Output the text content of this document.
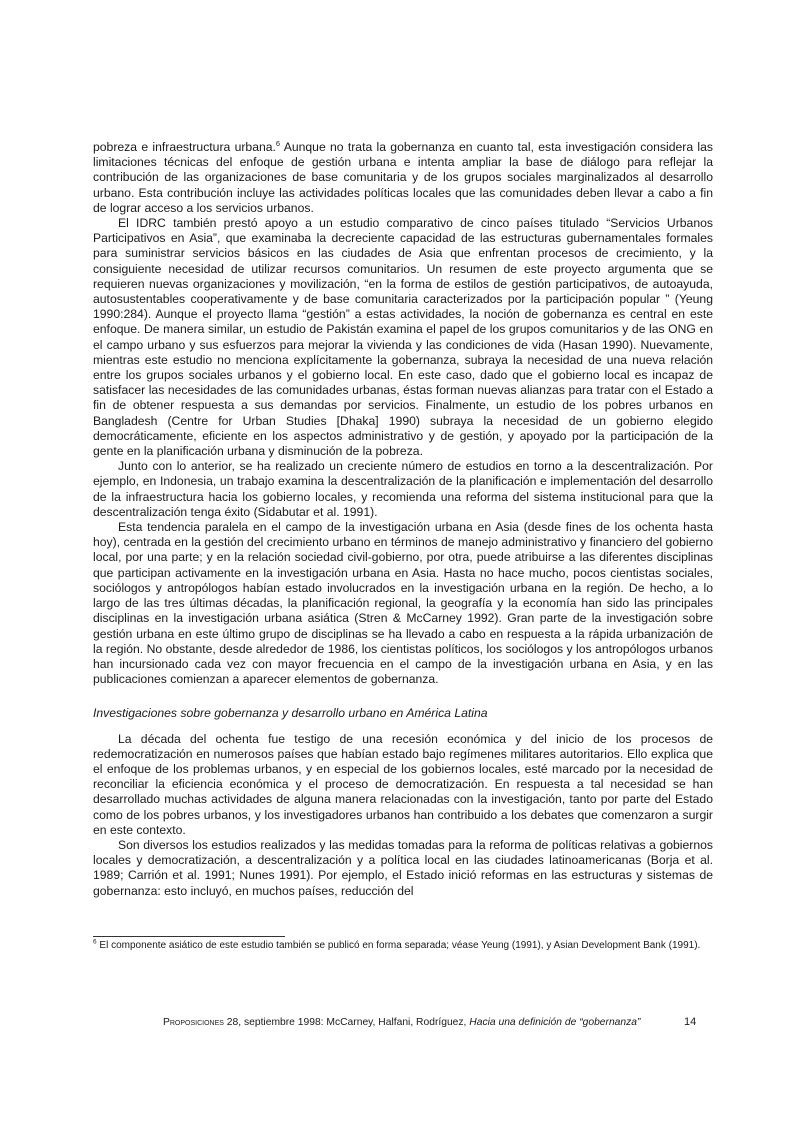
pobreza e infraestructura urbana.$^6$ Aunque no trata la gobernanza en cuanto tal, esta investigación considera las limitaciones técnicas del enfoque de gestión urbana e intenta ampliar la base de diálogo para reflejar la contribución de las organizaciones de base comunitaria y de los grupos sociales marginalizados al desarrollo urbano. Esta contribución incluye las actividades políticas locales que las comunidades deben llevar a cabo a fin de lograr acceso a los servicios urbanos.

El IDRC también prestó apoyo a un estudio comparativo de cinco países titulado “Servicios Urbanos Participativos en Asia”, que examinaba la decreciente capacidad de las estructuras gubernamentales formales para suministrar servicios básicos en las ciudades de Asia que enfrentan procesos de crecimiento, y la consiguiente necesidad de utilizar recursos comunitarios. Un resumen de este proyecto argumenta que se requieren nuevas organizaciones y movilización, “en la forma de estilos de gestión participativos, de autoayuda, autosustentables cooperativamente y de base comunitaria caracterizados por la participación popular ” (Yeung 1990:284). Aunque el proyecto llama “gestión” a estas actividades, la noción de gobernanza es central en este enfoque. De manera similar, un estudio de Pakistán examina el papel de los grupos comunitarios y de las ONG en el campo urbano y sus esfuerzos para mejorar la vivienda y las condiciones de vida (Hasan 1990). Nuevamente, mientras este estudio no menciona explícitamente la gobernanza, subraya la necesidad de una nueva relación entre los grupos sociales urbanos y el gobierno local. En este caso, dado que el gobierno local es incapaz de satisfacer las necesidades de las comunidades urbanas, éstas forman nuevas alianzas para tratar con el Estado a fin de obtener respuesta a sus demandas por servicios. Finalmente, un estudio de los pobres urbanos en Bangladesh (Centre for Urban Studies [Dhaka] 1990) subraya la necesidad de un gobierno elegido democráticamente, eficiente en los aspectos administrativo y de gestión, y apoyado por la participación de la gente en la planificación urbana y disminución de la pobreza.

Junto con lo anterior, se ha realizado un creciente número de estudios en torno a la descentralización. Por ejemplo, en Indonesia, un trabajo examina la descentralización de la planificación e implementación del desarrollo de la infraestructura hacia los gobierno locales, y recomienda una reforma del sistema institucional para que la descentralización tenga éxito (Sidabutar et al. 1991).

Esta tendencia paralela en el campo de la investigación urbana en Asia (desde fines de los ochenta hasta hoy), centrada en la gestión del crecimiento urbano en términos de manejo administrativo y financiero del gobierno local, por una parte; y en la relación sociedad civil-gobierno, por otra, puede atribuirse a las diferentes disciplinas que participan activamente en la investigación urbana en Asia. Hasta no hace mucho, pocos cientistas sociales, sociólogos y antropólogos habían estado involucrados en la investigación urbana en la región. De hecho, a lo largo de las tres últimas décadas, la planificación regional, la geografía y la economía han sido las principales disciplinas en la investigación urbana asiática (Stren & McCarney 1992). Gran parte de la investigación sobre gestión urbana en este último grupo de disciplinas se ha llevado a cabo en respuesta a la rápida urbanización de la región. No obstante, desde alrededor de 1986, los cientistas políticos, los sociólogos y los antropólogos urbanos han incursionado cada vez con mayor frecuencia en el campo de la investigación urbana en Asia, y en las publicaciones comienzan a aparecer elementos de gobernanza.

Investigaciones sobre gobernanza y desarrollo urbano en América Latina

La década del ochenta fue testigo de una recesión económica y del inicio de los procesos de redemocratización en numerosos países que habían estado bajo regímenes militares autoritarios. Ello explica que el enfoque de los problemas urbanos, y en especial de los gobiernos locales, esté marcado por la necesidad de reconciliar la eficiencia económica y el proceso de democratización. En respuesta a tal necesidad se han desarrollado muchas actividades de alguna manera relacionadas con la investigación, tanto por parte del Estado como de los pobres urbanos, y los investigadores urbanos han contribuido a los debates que comenzaron a surgir en este contexto.

Son diversos los estudios realizados y las medidas tomadas para la reforma de políticas relativas a gobiernos locales y democratización, a descentralización y a política local en las ciudades latinoamericanas (Borja et al. 1989; Carrión et al. 1991; Nunes 1991). Por ejemplo, el Estado inició reformas en las estructuras y sistemas de gobernanza: esto incluyó, en muchos países, reducción del

$^6$ El componente asiático de este estudio también se publicó en forma separada; véase Yeung (1991), y Asian Development Bank (1991).
Proposiciones 28, septiembre 1998: McCarney, Halfani, Rodríguez, Hacia una definición de “gobernanza”	14
